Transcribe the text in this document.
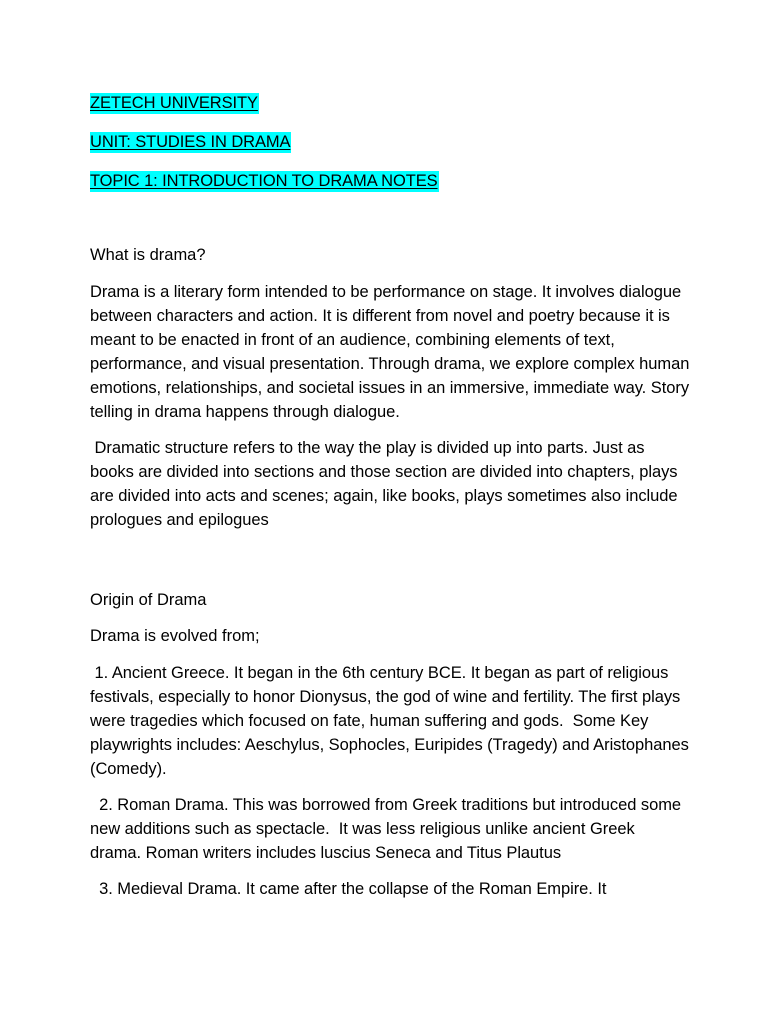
ZETECH UNIVERSITY

UNIT: STUDIES IN DRAMA

TOPIC 1: INTRODUCTION TO DRAMA NOTES

What is drama?

Drama is a literary form intended to be performance on stage. It involves dialogue between characters and action. It is different from novel and poetry because it is meant to be enacted in front of an audience, combining elements of text, performance, and visual presentation. Through drama, we explore complex human emotions, relationships, and societal issues in an immersive, immediate way. Story telling in drama happens through dialogue.

Dramatic structure refers to the way the play is divided up into parts. Just as books are divided into sections and those section are divided into chapters, plays are divided into acts and scenes; again, like books, plays sometimes also include prologues and epilogues

Origin of Drama

Drama is evolved from;

1. Ancient Greece. It began in the 6th century BCE. It began as part of religious festivals, especially to honor Dionysus, the god of wine and fertility. The first plays were tragedies which focused on fate, human suffering and gods.  Some Key playwrights includes: Aeschylus, Sophocles, Euripides (Tragedy) and Aristophanes (Comedy).

2. Roman Drama. This was borrowed from Greek traditions but introduced some new additions such as spectacle.  It was less religious unlike ancient Greek drama. Roman writers includes luscius Seneca and Titus Plautus

3. Medieval Drama. It came after the collapse of the Roman Empire. It
